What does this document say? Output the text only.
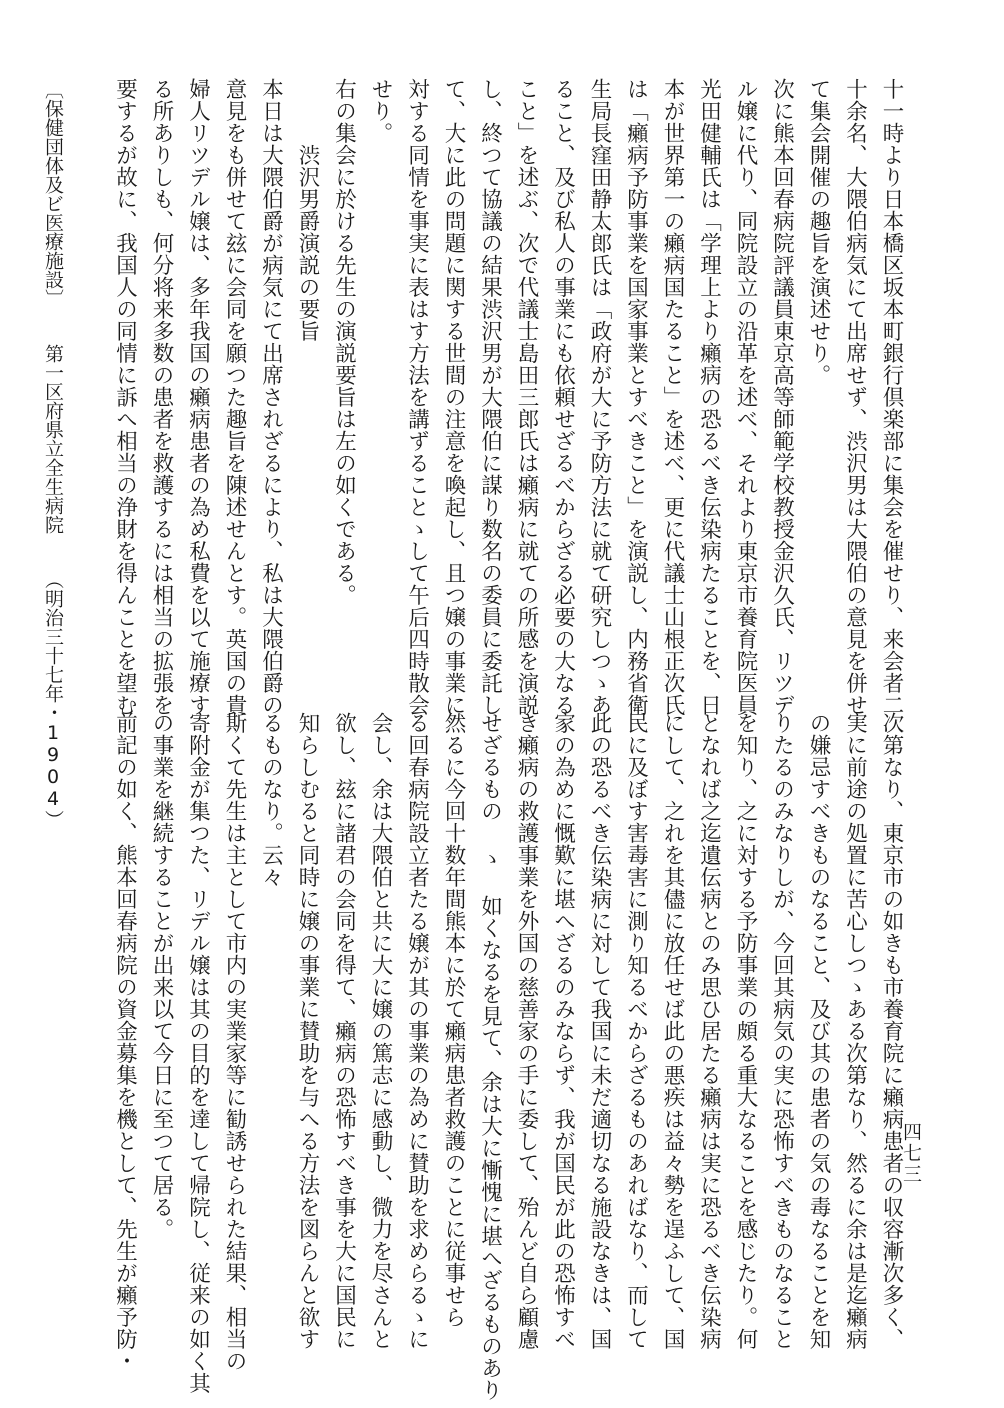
十一時より日本橋区坂本町銀行倶楽部に集会を催せり、来会者二
十余名、大隈伯病気にて出席せず、渋沢男は大隈伯の意見を併せ
て集会開催の趣旨を演述せり。
次に熊本回春病院評議員東京高等師範学校教授金沢久氏、リツデ
ル嬢に代り、同院設立の沿革を述べ、それより東京市養育院医員
光田健輔氏は「学理上より癩病の恐るべき伝染病たることを、日
本が世界第一の癩病国たること」を述べ、更に代議士山根正次氏
は「癩病予防事業を国家事業とすべきこと」を演説し、内務省衛
生局長窪田静太郎氏は「政府が大に予防方法に就て研究しつゝあ
ること、及び私人の事業にも依頼せざるべからざる必要の大なる
こと」を述ぶ、次で代議士島田三郎氏は癩病に就ての所感を演説
し、終つて協議の結果渋沢男が大隈伯に謀り数名の委員に委託し
て、大に此の問題に関する世間の注意を喚起し、且つ嬢の事業に
対する同情を事実に表はす方法を講ずることゝして午后四時散会
せり。
右の集会に於ける先生の演説要旨は左の如くである。
　　　渋沢男爵演説の要旨
本日は大隈伯爵が病気にて出席されざるにより、私は大隈伯爵の
意見をも併せて玆に会同を願つた趣旨を陳述せんとす。英国の貴
婦人リツデル嬢は、多年我国の癩病患者の為め私費を以て施療す
る所ありしも、何分将来多数の患者を救護するには相当の拡張を
要するが故に、我国人の同情に訴へ相当の浄財を得んことを望む
次第なり、東京市の如きも市養育院に癩病患者の収容漸次多く、
実に前途の処置に苦心しつゝある次第なり、然るに余は是迄癩病
の嫌忌すべきものなること、及び其の患者の気の毒なることを知
りたるのみなりしが、今回其病気の実に恐怖すべきものなること
を知り、之に対する予防事業の頗る重大なることを感じたり。何
となれば之迄遺伝病とのみ思ひ居たる癩病は実に恐るべき伝染病
にして、之れを其儘に放任せば此の悪疾は益々勢を逞ふして、国
民に及ぼす害毒害に測り知るべからざるものあればなり、而して
此の恐るべき伝染病に対して我国に未だ適切なる施設なきは、国
家の為めに慨歎に堪へざるのみならず、我が国民が此の恐怖すべ
き癩病の救護事業を外国の慈善家の手に委して、殆んど自ら顧慮
せざるもの ゝ 如くなるを見て、余は大に慚愧に堪へざるものあり
然るに今回十数年間熊本に於て癩病患者救護のことに従事せら
る回春病院設立者たる嬢が其の事業の為めに賛助を求めらるゝに
会し、余は大隈伯と共に大に嬢の篤志に感動し、微力を尽さんと
欲し、玆に諸君の会同を得て、癩病の恐怖すべき事を大に国民に
知らしむると同時に嬢の事業に賛助を与へる方法を図らんと欲す
るものなり。云々
斯くて先生は主として市内の実業家等に勧誘せられた結果、相当の
寄附金が集つた、リデル嬢は其の目的を達して帰院し、従来の如く其
の事業を継続することが出来以て今日に至つて居る。
前記の如く、熊本回春病院の資金募集を機として、先生が癩予防・
〔保健団体及ビ医療施設〕第一区府県立全生病院（明治三十七年・1904）
四七三
